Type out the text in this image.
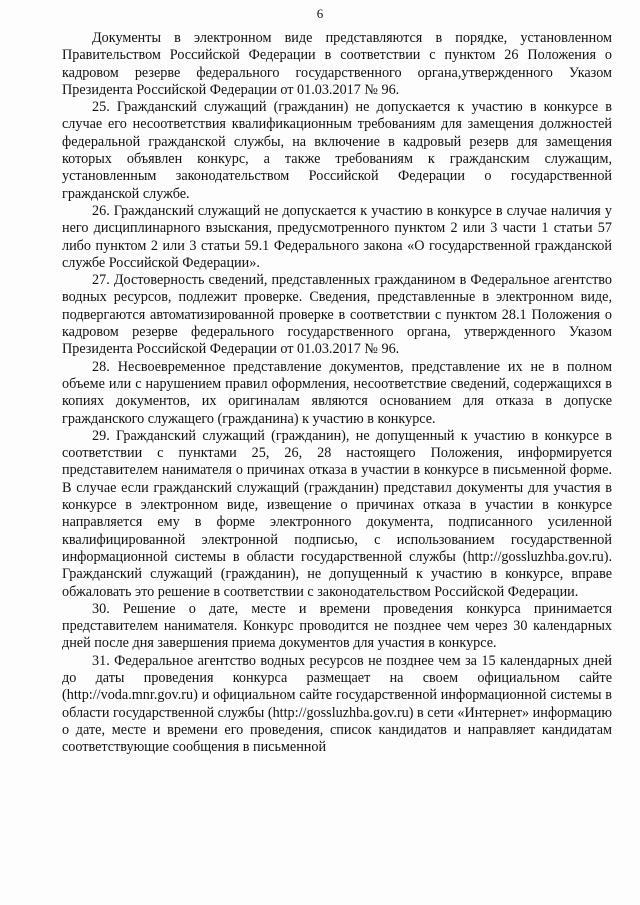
6

Документы в электронном виде представляются в порядке, установленном Правительством Российской Федерации в соответствии с пунктом 26 Положения о кадровом резерве федерального государственного органа,утвержденного Указом Президента Российской Федерации от 01.03.2017 № 96.

25. Гражданский служащий (гражданин) не допускается к участию в конкурсе в случае его несоответствия квалификационным требованиям для замещения должностей федеральной гражданской службы, на включение в кадровый резерв для замещения которых объявлен конкурс, а также требованиям к гражданским служащим, установленным законодательством Российской Федерации о государственной гражданской службе.

26. Гражданский служащий не допускается к участию в конкурсе в случае наличия у него дисциплинарного взыскания, предусмотренного пунктом 2 или 3 части 1 статьи 57 либо пунктом 2 или 3 статьи 59.1 Федерального закона «О государственной гражданской службе Российской Федерации».

27. Достоверность сведений, представленных гражданином в Федеральное агентство водных ресурсов, подлежит проверке. Сведения, представленные в электронном виде, подвергаются автоматизированной проверке в соответствии с пунктом 28.1 Положения о кадровом резерве федерального государственного органа, утвержденного Указом Президента Российской Федерации от 01.03.2017 № 96.

28. Несвоевременное представление документов, представление их не в полном объеме или с нарушением правил оформления, несоответствие сведений, содержащихся в копиях документов, их оригиналам являются основанием для отказа в допуске гражданского служащего (гражданина) к участию в конкурсе.

29. Гражданский служащий (гражданин), не допущенный к участию в конкурсе в соответствии с пунктами 25, 26, 28 настоящего Положения, информируется представителем нанимателя о причинах отказа в участии в конкурсе в письменной форме. В случае если гражданский служащий (гражданин) представил документы для участия в конкурсе в электронном виде, извещение о причинах отказа в участии в конкурсе направляется ему в форме электронного документа, подписанного усиленной квалифицированной электронной подписью, с использованием государственной информационной системы в области государственной службы (http://gossluzhba.gov.ru). Гражданский служащий (гражданин), не допущенный к участию в конкурсе, вправе обжаловать это решение в соответствии с законодательством Российской Федерации.

30. Решение о дате, месте и времени проведения конкурса принимается представителем нанимателя. Конкурс проводится не позднее чем через 30 календарных дней после дня завершения приема документов для участия в конкурсе.

31. Федеральное агентство водных ресурсов не позднее чем за 15 календарных дней до даты проведения конкурса размещает на своем официальном сайте (http://voda.mnr.gov.ru) и официальном сайте государственной информационной системы в области государственной службы (http://gossluzhba.gov.ru) в сети «Интернет» информацию о дате, месте и времени его проведения, список кандидатов и направляет кандидатам соответствующие сообщения в письменной
